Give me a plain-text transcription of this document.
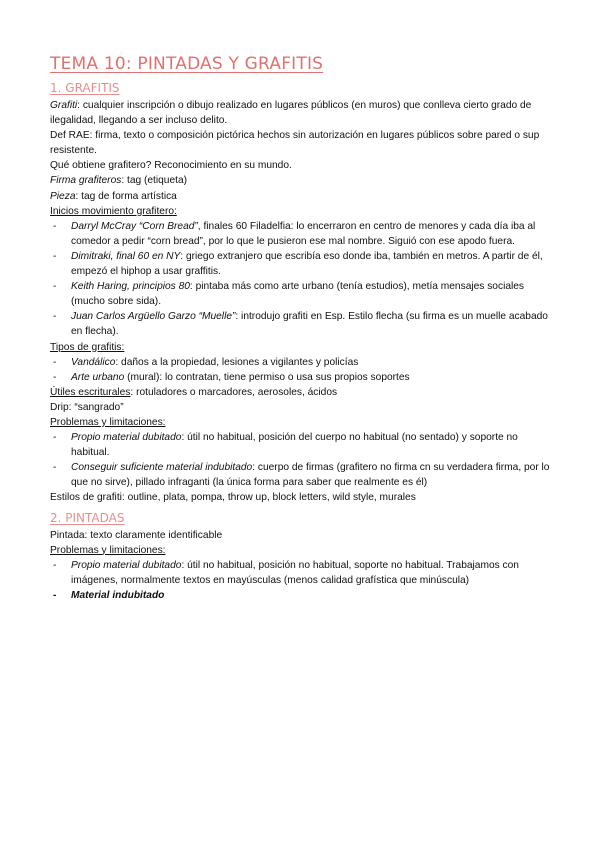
TEMA 10: PINTADAS Y GRAFITIS
1. GRAFITIS

Grafiti: cualquier inscripción o dibujo realizado en lugares públicos (en muros) que conlleva cierto grado de ilegalidad, llegando a ser incluso delito.

Def RAE: firma, texto o composición pictórica hechos sin autorización en lugares públicos sobre pared o sup resistente.

Qué obtiene grafitero? Reconocimiento en su mundo.

Firma grafiteros: tag (etiqueta)

Pieza: tag de forma artística

Inicios movimiento grafitero:

- Darryl McCray “Corn Bread”, finales 60 Filadelfia: lo encerraron en centro de menores y cada día iba al comedor a pedir “corn bread”, por lo que le pusieron ese mal nombre. Siguió con ese apodo fuera.
- Dimitraki, final 60 en NY: griego extranjero que escribía eso donde iba, también en metros. A partir de él, empezó el hiphop a usar graffitis.
- Keith Haring, principios 80: pintaba más como arte urbano (tenía estudios), metía mensajes sociales (mucho sobre sida).
- Juan Carlos Argüello Garzo “Muelle”: introdujo grafiti en Esp. Estilo flecha (su firma es un muelle acabado en flecha).

Tipos de grafitis:

- Vandálico: daños a la propiedad, lesiones a vigilantes y policías
- Arte urbano (mural): lo contratan, tiene permiso o usa sus propios soportes

Útiles escriturales: rotuladores o marcadores, aerosoles, ácidos

Drip: “sangrado”

Problemas y limitaciones:

- Propio material dubitado: útil no habitual, posición del cuerpo no habitual (no sentado) y soporte no habitual.
- Conseguir suficiente material indubitado: cuerpo de firmas (grafitero no firma cn su verdadera firma, por lo que no sirve), pillado infraganti (la única forma para saber que realmente es él)

Estilos de grafiti: outline, plata, pompa, throw up, block letters, wild style, murales

2. PINTADAS

Pintada: texto claramente identificable

Problemas y limitaciones:

- Propio material dubitado: útil no habitual, posición no habitual, soporte no habitual. Trabajamos con imágenes, normalmente textos en mayúsculas (menos calidad grafística que minúscula)
- Material indubitado
